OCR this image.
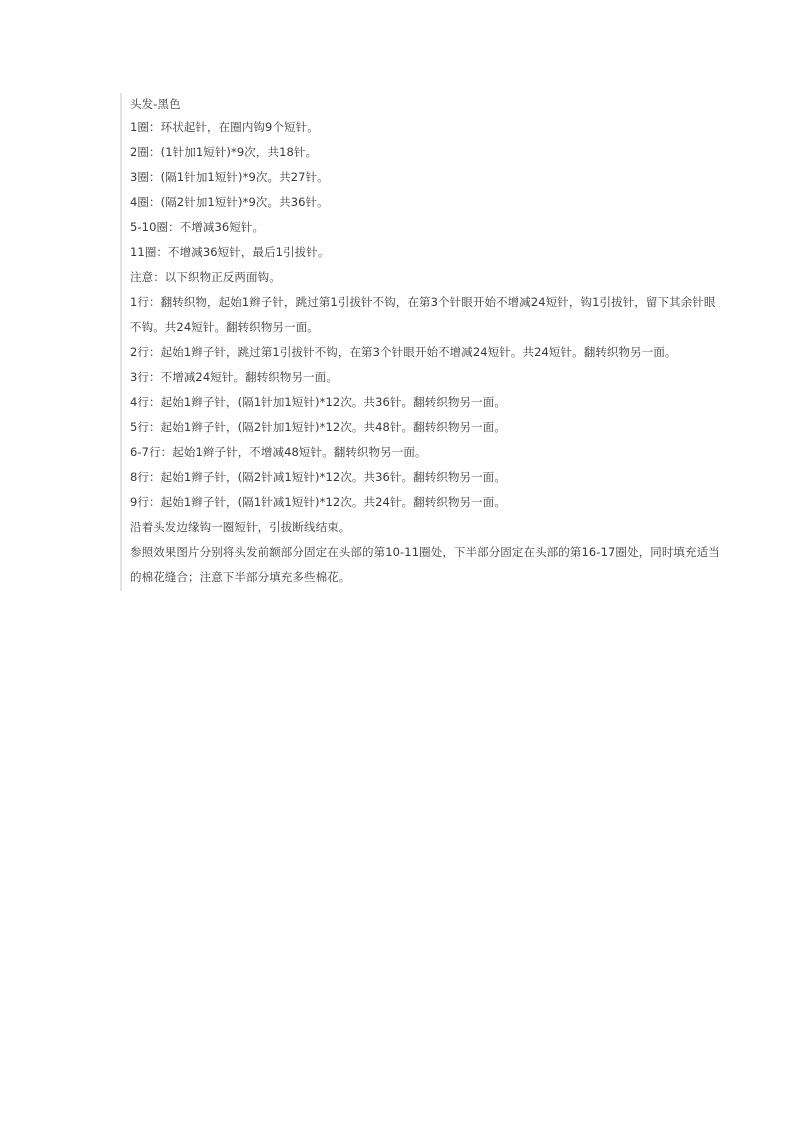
头发-黑色
1圈：环状起针，在圈内钩9个短针。
2圈：(1针加1短针)*9次，共18针。
3圈：(隔1针加1短针)*9次。共27针。
4圈：(隔2针加1短针)*9次。共36针。
5-10圈：不增减36短针。
11圈：不增减36短针，最后1引拔针。
注意：以下织物正反两面钩。
1行：翻转织物，起始1辫子针，跳过第1引拔针不钩，在第3个针眼开始不增减24短针，钩1引拔针，留下其余针眼
不钩。共24短针。翻转织物另一面。
2行：起始1辫子针，跳过第1引拔针不钩，在第3个针眼开始不增减24短针。共24短针。翻转织物另一面。
3行：不增减24短针。翻转织物另一面。
4行：起始1辫子针，(隔1针加1短针)*12次。共36针。翻转织物另一面。
5行：起始1辫子针，(隔2针加1短针)*12次。共48针。翻转织物另一面。
6-7行：起始1辫子针，不增减48短针。翻转织物另一面。
8行：起始1辫子针，(隔2针减1短针)*12次。共36针。翻转织物另一面。
9行：起始1辫子针，(隔1针减1短针)*12次。共24针。翻转织物另一面。
沿着头发边缘钩一圈短针，引拔断线结束。
参照效果图片分别将头发前额部分固定在头部的第10-11圈处，下半部分固定在头部的第16-17圈处，同时填充适当
的棉花缝合；注意下半部分填充多些棉花。
